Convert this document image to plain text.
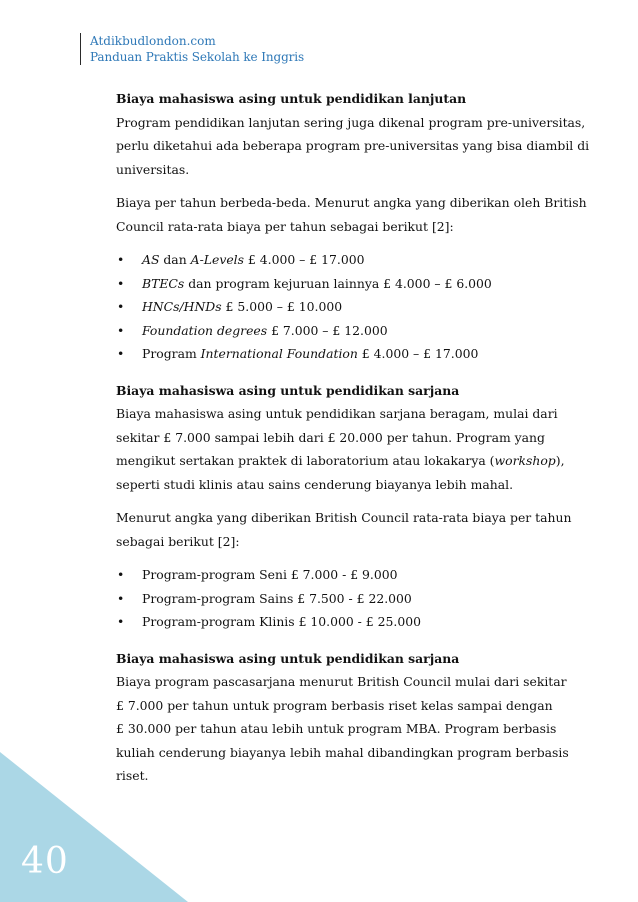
Atdikbudlondon.com
Panduan Praktis Sekolah ke Inggris
Biaya mahasiswa asing untuk pendidikan lanjutan

Program pendidikan lanjutan sering juga dikenal program pre-universitas,

perlu diketahui ada beberapa program pre-universitas yang bisa diambil di

universitas.

Biaya per tahun berbeda-beda. Menurut angka yang diberikan oleh British

Council rata-rata biaya per tahun sebagai berikut [2]:

• AS dan A-Levels £ 4.000 – £ 17.000
• BTECs dan program kejuruan lainnya £ 4.000 – £ 6.000
• HNCs/HNDs £ 5.000 – £ 10.000
• Foundation degrees £ 7.000 – £ 12.000
• Program International Foundation £ 4.000 – £ 17.000
Biaya mahasiswa asing untuk pendidikan sarjana

Biaya mahasiswa asing untuk pendidikan sarjana beragam, mulai dari

sekitar £ 7.000 sampai lebih dari £ 20.000 per tahun. Program yang

mengikut sertakan praktek di laboratorium atau lokakarya (workshop),

seperti studi klinis atau sains cenderung biayanya lebih mahal.

Menurut angka yang diberikan British Council rata-rata biaya per tahun

sebagai berikut [2]:

• Program-program Seni £ 7.000 - £ 9.000
• Program-program Sains £ 7.500 - £ 22.000
• Program-program Klinis £ 10.000 - £ 25.000
Biaya mahasiswa asing untuk pendidikan sarjana

Biaya program pascasarjana menurut British Council mulai dari sekitar

£ 7.000 per tahun untuk program berbasis riset kelas sampai dengan

£ 30.000 per tahun atau lebih untuk program MBA. Program berbasis

kuliah cenderung biayanya lebih mahal dibandingkan program berbasis

riset.

40
